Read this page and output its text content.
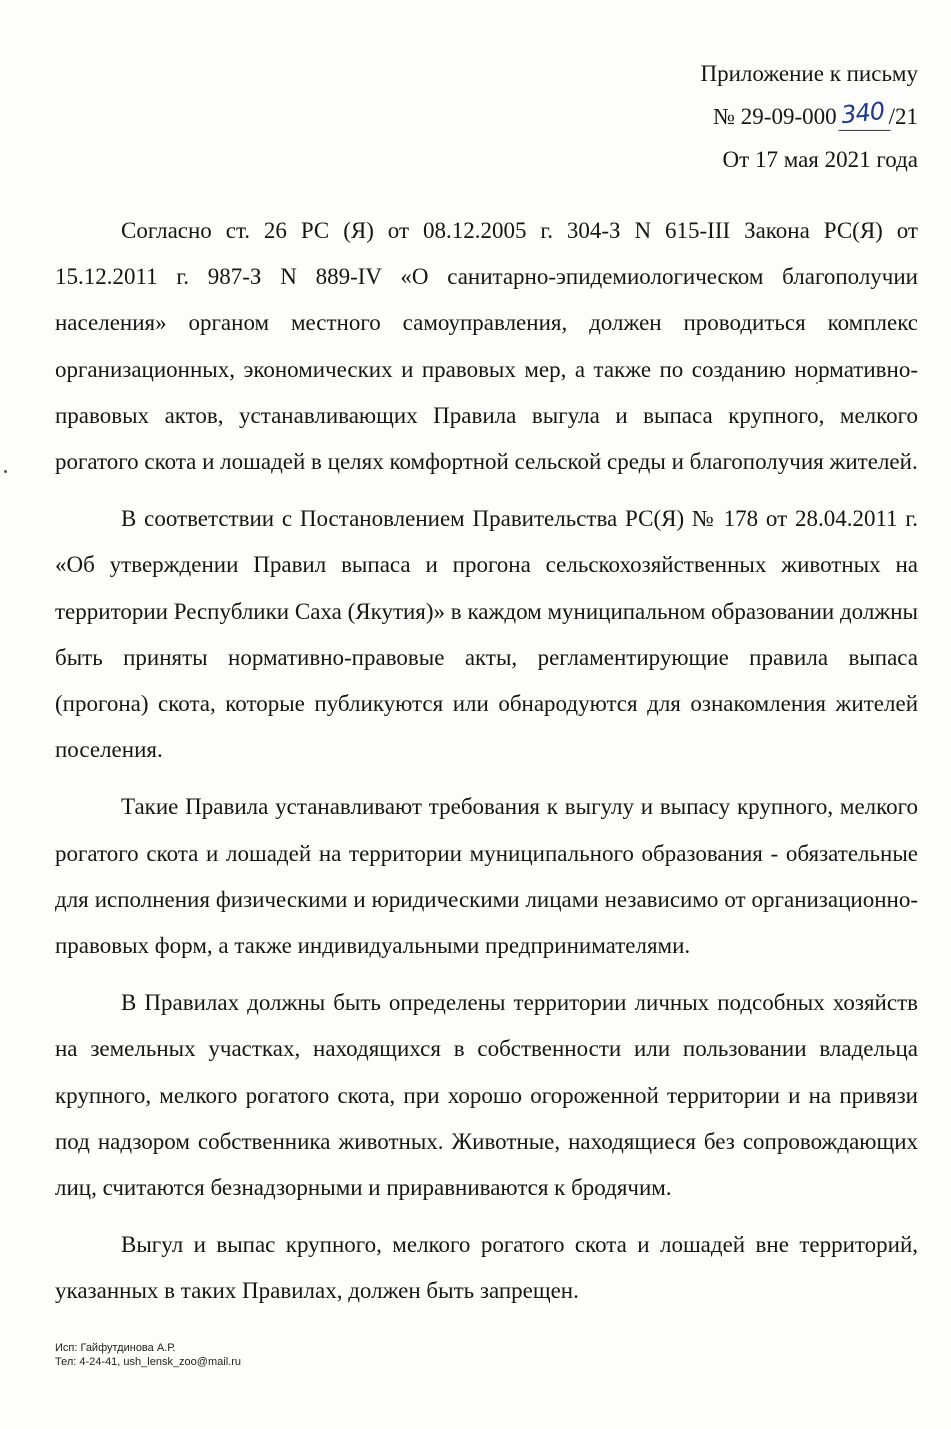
Приложение к письму
№ 29-09-000 340 /21
От 17 мая 2021 года

Согласно ст. 26 РС (Я) от 08.12.2005 г. 304-З N 615-III Закона РС(Я) от 15.12.2011 г. 987-З N 889-IV «О санитарно-эпидемиологическом благополучии населения» органом местного самоуправления, должен проводиться комплекс организационных, экономических и правовых мер, а также по созданию нормативно-правовых актов, устанавливающих Правила выгула и выпаса крупного, мелкого рогатого скота и лошадей в целях комфортной сельской среды и благополучия жителей.

В соответствии с Постановлением Правительства РС(Я) № 178 от 28.04.2011 г. «Об утверждении Правил выпаса и прогона сельскохозяйственных животных на территории Республики Саха (Якутия)» в каждом муниципальном образовании должны быть приняты нормативно-правовые акты, регламентирующие правила выпаса (прогона) скота, которые публикуются или обнародуются для ознакомления жителей поселения.

Такие Правила устанавливают требования к выгулу и выпасу крупного, мелкого рогатого скота и лошадей на территории муниципального образования - обязательные для исполнения физическими и юридическими лицами независимо от организационно-правовых форм, а также индивидуальными предпринимателями.

В Правилах должны быть определены территории личных подсобных хозяйств на земельных участках, находящихся в собственности или пользовании владельца крупного, мелкого рогатого скота, при хорошо огороженной территории и на привязи под надзором собственника животных. Животные, находящиеся без сопровождающих лиц, считаются безнадзорными и приравниваются к бродячим.

Выгул и выпас крупного, мелкого рогатого скота и лошадей вне территорий, указанных в таких Правилах, должен быть запрещен.

Исп: Гайфутдинова А.Р.
Тел: 4-24-41, ush_lensk_zoo@mail.ru
